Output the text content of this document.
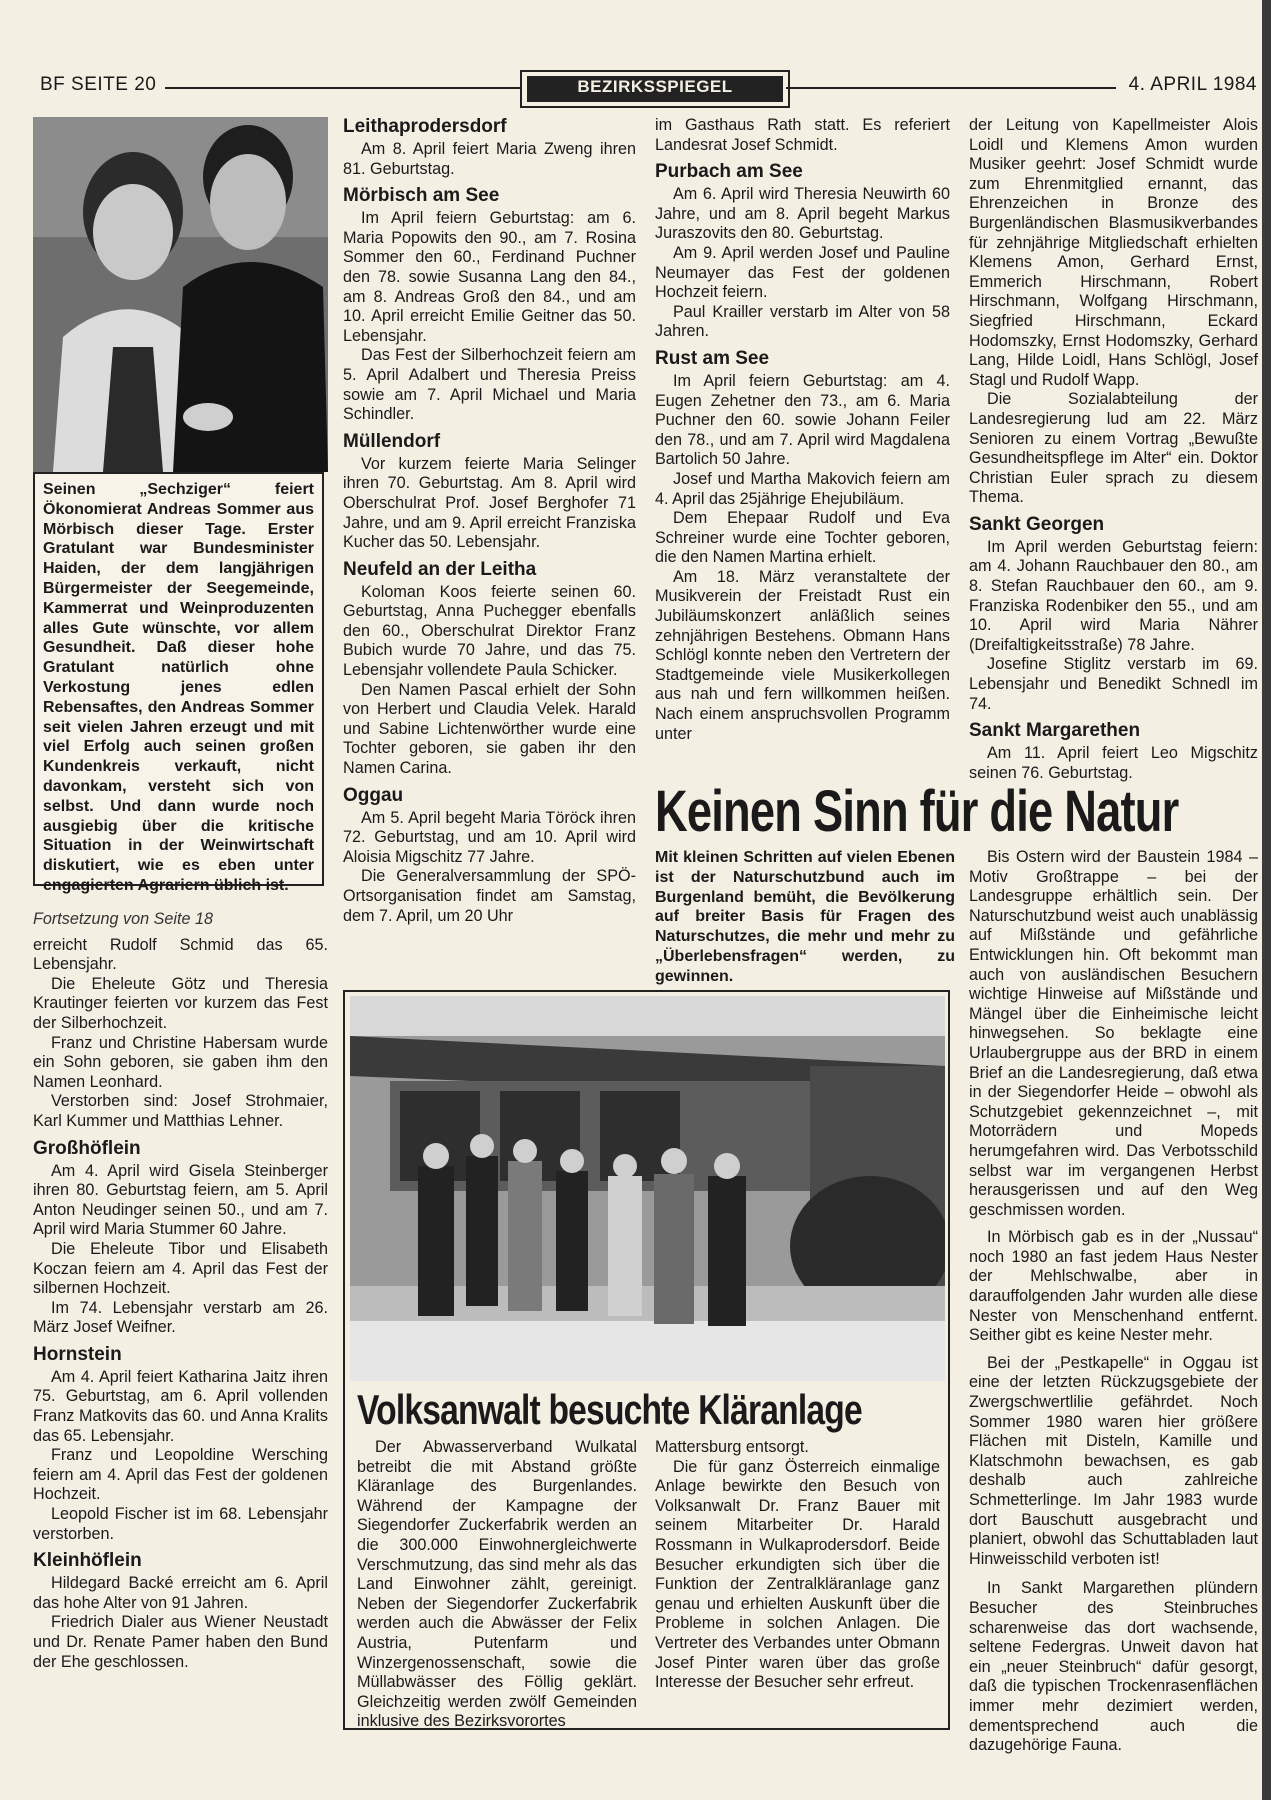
BF SEITE 20	BEZIRKSSPIEGEL	4. APRIL 1984

Seinen „Sechziger“ feiert Ökonomierat Andreas Sommer aus Mörbisch dieser Tage. Erster Gratulant war Bundesminister Haiden, der dem langjährigen Bürgermeister der Seegemeinde, Kammerrat und Weinproduzenten alles Gute wünschte, vor allem Gesundheit. Daß dieser hohe Gratulant natürlich ohne Verkostung jenes edlen Rebensaftes, den Andreas Sommer seit vielen Jahren erzeugt und mit viel Erfolg auch seinen großen Kundenkreis verkauft, nicht davonkam, versteht sich von selbst. Und dann wurde noch ausgiebig über die kritische Situation in der Weinwirtschaft diskutiert, wie es eben unter engagierten Agrariern üblich ist.

Fortsetzung von Seite 18

erreicht Rudolf Schmid das 65. Lebensjahr.

Die Eheleute Götz und Theresia Krautinger feierten vor kurzem das Fest der Silberhochzeit.

Franz und Christine Habersam wurde ein Sohn geboren, sie gaben ihm den Namen Leonhard.

Verstorben sind: Josef Strohmaier, Karl Kummer und Matthias Lehner.

Großhöflein

Am 4. April wird Gisela Steinberger ihren 80. Geburtstag feiern, am 5. April Anton Neudinger seinen 50., und am 7. April wird Maria Stummer 60 Jahre.

Die Eheleute Tibor und Elisabeth Koczan feiern am 4. April das Fest der silbernen Hochzeit.

Im 74. Lebensjahr verstarb am 26. März Josef Weifner.

Hornstein

Am 4. April feiert Katharina Jaitz ihren 75. Geburtstag, am 6. April vollenden Franz Matkovits das 60. und Anna Kralits das 65. Lebensjahr.

Franz und Leopoldine Wersching feiern am 4. April das Fest der goldenen Hochzeit.

Leopold Fischer ist im 68. Lebensjahr verstorben.

Kleinhöflein

Hildegard Backé erreicht am 6. April das hohe Alter von 91 Jahren.

Friedrich Dialer aus Wiener Neustadt und Dr. Renate Pamer haben den Bund der Ehe geschlossen.

Leithaprodersdorf

Am 8. April feiert Maria Zweng ihren 81. Geburtstag.

Mörbisch am See

Im April feiern Geburtstag: am 6. Maria Popowits den 90., am 7. Rosina Sommer den 60., Ferdinand Puchner den 78. sowie Susanna Lang den 84., am 8. Andreas Groß den 84., und am 10. April erreicht Emilie Geitner das 50. Lebensjahr.

Das Fest der Silberhochzeit feiern am 5. April Adalbert und Theresia Preiss sowie am 7. April Michael und Maria Schindler.

Müllendorf

Vor kurzem feierte Maria Selinger ihren 70. Geburtstag. Am 8. April wird Oberschulrat Prof. Josef Berghofer 71 Jahre, und am 9. April erreicht Franziska Kucher das 50. Lebensjahr.

Neufeld an der Leitha

Koloman Koos feierte seinen 60. Geburtstag, Anna Puchegger ebenfalls den 60., Oberschulrat Direktor Franz Bubich wurde 70 Jahre, und das 75. Lebensjahr vollendete Paula Schicker.

Den Namen Pascal erhielt der Sohn von Herbert und Claudia Velek. Harald und Sabine Lichtenwörther wurde eine Tochter geboren, sie gaben ihr den Namen Carina.

Oggau

Am 5. April begeht Maria Töröck ihren 72. Geburtstag, und am 10. April wird Aloisia Migschitz 77 Jahre.

Die Generalversammlung der SPÖ-Ortsorganisation findet am Samstag, dem 7. April, um 20 Uhr

im Gasthaus Rath statt. Es referiert Landesrat Josef Schmidt.

Purbach am See

Am 6. April wird Theresia Neuwirth 60 Jahre, und am 8. April begeht Markus Juraszovits den 80. Geburtstag.

Am 9. April werden Josef und Pauline Neumayer das Fest der goldenen Hochzeit feiern.

Paul Krailler verstarb im Alter von 58 Jahren.

Rust am See

Im April feiern Geburtstag: am 4. Eugen Zehetner den 73., am 6. Maria Puchner den 60. sowie Johann Feiler den 78., und am 7. April wird Magdalena Bartolich 50 Jahre.

Josef und Martha Makovich feiern am 4. April das 25jährige Ehejubiläum.

Dem Ehepaar Rudolf und Eva Schreiner wurde eine Tochter geboren, die den Namen Martina erhielt.

Am 18. März veranstaltete der Musikverein der Freistadt Rust ein Jubiläumskonzert anläßlich seines zehnjährigen Bestehens. Obmann Hans Schlögl konnte neben den Vertretern der Stadtgemeinde viele Musikerkollegen aus nah und fern willkommen heißen. Nach einem anspruchsvollen Programm unter

der Leitung von Kapellmeister Alois Loidl und Klemens Amon wurden Musiker geehrt: Josef Schmidt wurde zum Ehrenmitglied ernannt, das Ehrenzeichen in Bronze des Burgenländischen Blasmusikverbandes für zehnjährige Mitgliedschaft erhielten Klemens Amon, Gerhard Ernst, Emmerich Hirschmann, Robert Hirschmann, Wolfgang Hirschmann, Siegfried Hirschmann, Eckard Hodomszky, Ernst Hodomszky, Gerhard Lang, Hilde Loidl, Hans Schlögl, Josef Stagl und Rudolf Wapp.

Die Sozialabteilung der Landesregierung lud am 22. März Senioren zu einem Vortrag „Bewußte Gesundheitspflege im Alter“ ein. Doktor Christian Euler sprach zu diesem Thema.

Sankt Georgen

Im April werden Geburtstag feiern: am 4. Johann Rauchbauer den 80., am 8. Stefan Rauchbauer den 60., am 9. Franziska Rodenbiker den 55., und am 10. April wird Maria Nährer (Dreifaltigkeitsstraße) 78 Jahre.

Josefine Stiglitz verstarb im 69. Lebensjahr und Benedikt Schnedl im 74.

Sankt Margarethen

Am 11. April feiert Leo Migschitz seinen 76. Geburtstag.

Keinen Sinn für die Natur

Mit kleinen Schritten auf vielen Ebenen ist der Naturschutzbund auch im Burgenland bemüht, die Bevölkerung auf breiter Basis für Fragen des Naturschutzes, die mehr und mehr zu „Überlebensfragen“ werden, zu gewinnen.

Bis Ostern wird der Baustein 1984 – Motiv Großtrappe – bei der Landesgruppe erhältlich sein. Der Naturschutzbund weist auch unablässig auf Mißstände und gefährliche Entwicklungen hin. Oft bekommt man auch von ausländischen Besuchern wichtige Hinweise auf Mißstände und Mängel über die Einheimische leicht hinwegsehen. So beklagte eine Urlaubergruppe aus der BRD in einem Brief an die Landesregierung, daß etwa in der Siegendorfer Heide – obwohl als Schutzgebiet gekennzeichnet –, mit Motorrädern und Mopeds herumgefahren wird. Das Verbotsschild selbst war im vergangenen Herbst herausgerissen und auf den Weg geschmissen worden.

In Mörbisch gab es in der „Nussau“ noch 1980 an fast jedem Haus Nester der Mehlschwalbe, aber in darauffolgenden Jahr wurden alle diese Nester von Menschenhand entfernt. Seither gibt es keine Nester mehr.

Bei der „Pestkapelle“ in Oggau ist eine der letzten Rückzugsgebiete der Zwergschwertlilie gefährdet. Noch Sommer 1980 waren hier größere Flächen mit Disteln, Kamille und Klatschmohn bewachsen, es gab deshalb auch zahlreiche Schmetterlinge. Im Jahr 1983 wurde dort Bauschutt ausgebracht und planiert, obwohl das Schuttabladen laut Hinweisschild verboten ist!

In Sankt Margarethen plündern Besucher des Steinbruches scharenweise das dort wachsende, seltene Federgras. Unweit davon hat ein „neuer Steinbruch“ dafür gesorgt, daß die typischen Trockenrasenflächen immer mehr dezimiert werden, dementsprechend auch die dazugehörige Fauna.

Volksanwalt besuchte Kläranlage

Der Abwasserverband Wulkatal betreibt die mit Abstand größte Kläranlage des Burgenlandes. Während der Kampagne der Siegendorfer Zuckerfabrik werden an die 300.000 Einwohnergleichwerte Verschmutzung, das sind mehr als das Land Einwohner zählt, gereinigt. Neben der Siegendorfer Zuckerfabrik werden auch die Abwässer der Felix Austria, Putenfarm und Winzergenossenschaft, sowie die Müllabwässer des Föllig geklärt. Gleichzeitig werden zwölf Gemeinden inklusive des Bezirksvorortes

Mattersburg entsorgt.

Die für ganz Österreich einmalige Anlage bewirkte den Besuch von Volksanwalt Dr. Franz Bauer mit seinem Mitarbeiter Dr. Harald Rossmann in Wulkaprodersdorf. Beide Besucher erkundigten sich über die Funktion der Zentralkläranlage ganz genau und erhielten Auskunft über die Probleme in solchen Anlagen. Die Vertreter des Verbandes unter Obmann Josef Pinter waren über das große Interesse der Besucher sehr erfreut.
